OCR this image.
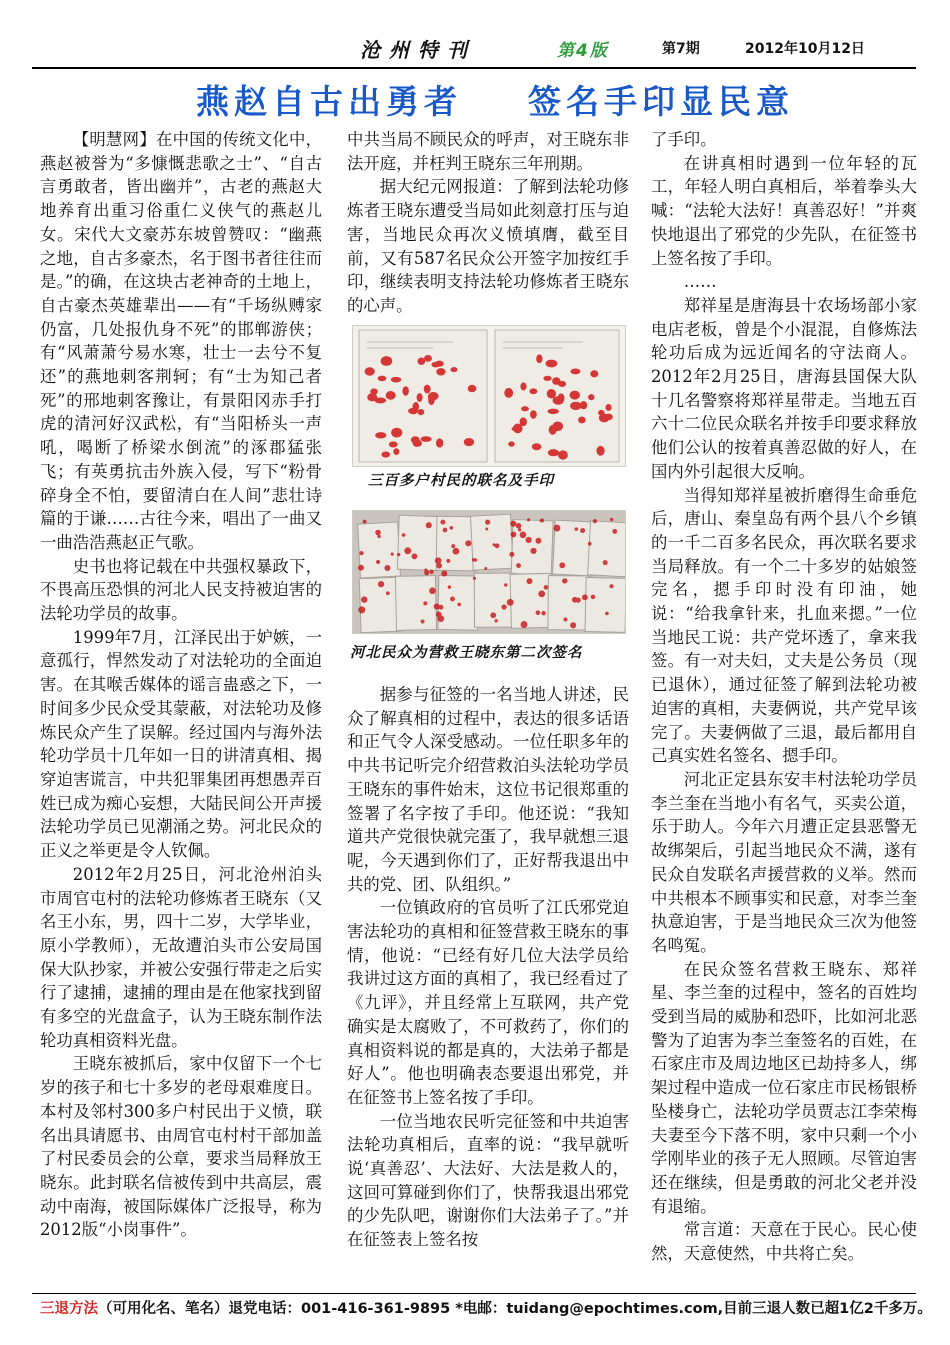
沧州特刊	第4版	第7期	2012年10月12日
燕赵自古出勇者    签名手印显民意

【明慧网】在中国的传统文化中，燕赵被誉为“多慷慨悲歌之士”、“自古言勇敢者，皆出幽并”，古老的燕赵大地养育出重习俗重仁义侠气的燕赵儿女。宋代大文豪苏东坡曾赞叹：“幽燕之地，自古多豪杰，名于图书者往往而是。”的确，在这块古老神奇的土地上，自古豪杰英雄辈出——有“千场纵赙家仍富，几处报仇身不死”的邯郸游侠；有“风萧萧兮易水寒，壮士一去兮不复还”的燕地刺客荆轲；有“士为知己者死”的邢地刺客豫让，有景阳冈赤手打虎的清河好汉武松，有“当阳桥头一声吼，喝断了桥梁水倒流”的涿郡猛张飞；有英勇抗击外族入侵，写下“粉骨碎身全不怕，要留清白在人间”悲壮诗篇的于谦……古往今来，唱出了一曲又一曲浩浩燕赵正气歌。

史书也将记载在中共强权暴政下，不畏高压恐惧的河北人民支持被迫害的法轮功学员的故事。

1999年7月，江泽民出于妒嫉，一意孤行，悍然发动了对法轮功的全面迫害。在其喉舌媒体的谣言蛊惑之下，一时间多少民众受其蒙蔽，对法轮功及修炼民众产生了误解。经过国内与海外法轮功学员十几年如一日的讲清真相、揭穿迫害谎言，中共犯罪集团再想愚弄百姓已成为痴心妄想，大陆民间公开声援法轮功学员已见潮涌之势。河北民众的正义之举更是令人钦佩。

2012年2月25日，河北沧州泊头市周官屯村的法轮功修炼者王晓东（又名王小东，男，四十二岁，大学毕业，原小学教师），无故遭泊头市公安局国保大队抄家，并被公安强行带走之后实行了逮捕，逮捕的理由是在他家找到留有多空的光盘盒子，认为王晓东制作法轮功真相资料光盘。

王晓东被抓后，家中仅留下一个七岁的孩子和七十多岁的老母艰难度日。本村及邻村300多户村民出于义愤，联名出具请愿书、由周官屯村村干部加盖了村民委员会的公章，要求当局释放王晓东。此封联名信被传到中共高层，震动中南海，被国际媒体广泛报导，称为2012版“小岗事件”。

中共当局不顾民众的呼声，对王晓东非法开庭，并枉判王晓东三年刑期。

据大纪元网报道：了解到法轮功修炼者王晓东遭受当局如此刻意打压与迫害，当地民众再次义愤填膺，截至目前，又有587名民众公开签字加按红手印，继续表明支持法轮功修炼者王晓东的心声。

三百多户村民的联名及手印
河北民众为营救王晓东第二次签名

据参与征签的一名当地人讲述，民众了解真相的过程中，表达的很多话语和正气令人深受感动。一位任职多年的中共书记听完介绍营救泊头法轮功学员王晓东的事件始末，这位书记很郑重的签署了名字按了手印。他还说：“我知道共产党很快就完蛋了，我早就想三退呢，今天遇到你们了，正好帮我退出中共的党、团、队组织。”

一位镇政府的官员听了江氏邪党迫害法轮功的真相和征签营救王晓东的事情，他说：“已经有好几位大法学员给我讲过这方面的真相了，我已经看过了《九评》，并且经常上互联网，共产党确实是太腐败了，不可救药了，你们的真相资料说的都是真的，大法弟子都是好人”。他也明确表态要退出邪党，并在征签书上签名按了手印。

一位当地农民听完征签和中共迫害法轮功真相后，直率的说：“我早就听说‘真善忍’、大法好、大法是救人的，这回可算碰到你们了，快帮我退出邪党的少先队吧，谢谢你们大法弟子了。”并在征签表上签名按

了手印。

在讲真相时遇到一位年轻的瓦工，年轻人明白真相后，举着拳头大喊：“法轮大法好！真善忍好！”并爽快地退出了邪党的少先队，在征签书上签名按了手印。

……

郑祥星是唐海县十农场场部小家电店老板，曾是个小混混，自修炼法轮功后成为远近闻名的守法商人。2012年2月25日，唐海县国保大队十几名警察将郑祥星带走。当地五百六十二位民众联名并按手印要求释放他们公认的按着真善忍做的好人，在国内外引起很大反响。

当得知郑祥星被折磨得生命垂危后，唐山、秦皇岛有两个县八个乡镇的一千二百多名民众，再次联名要求当局释放。有一个二十多岁的姑娘签完名，摁手印时没有印油，她说：“给我拿针来，扎血来摁。”一位当地民工说：共产党坏透了，拿来我签。有一对夫妇，丈夫是公务员（现已退休），通过征签了解到法轮功被迫害的真相，夫妻俩说，共产党早该完了。夫妻俩做了三退，最后都用自己真实姓名签名、摁手印。

河北正定县东安丰村法轮功学员李兰奎在当地小有名气，买卖公道，乐于助人。今年六月遭正定县恶警无故绑架后，引起当地民众不满，遂有民众自发联名声援营救的义举。然而中共根本不顾事实和民意，对李兰奎执意迫害，于是当地民众三次为他签名鸣冤。

在民众签名营救王晓东、郑祥星、李兰奎的过程中，签名的百姓均受到当局的威胁和恐吓，比如河北恶警为了迫害为李兰奎签名的百姓，在石家庄市及周边地区已劫持多人，绑架过程中造成一位石家庄市民杨银桥坠楼身亡，法轮功学员贾志江李荣梅夫妻至今下落不明，家中只剩一个小学刚毕业的孩子无人照顾。尽管迫害还在继续，但是勇敢的河北父老并没有退缩。

常言道：天意在于民心。民心使然，天意使然，中共将亡矣。

三退方法（可用化名、笔名）退党电话：001-416-361-9895 *电邮：tuidang@epochtimes.com,目前三退人数已超1亿2千多万。
